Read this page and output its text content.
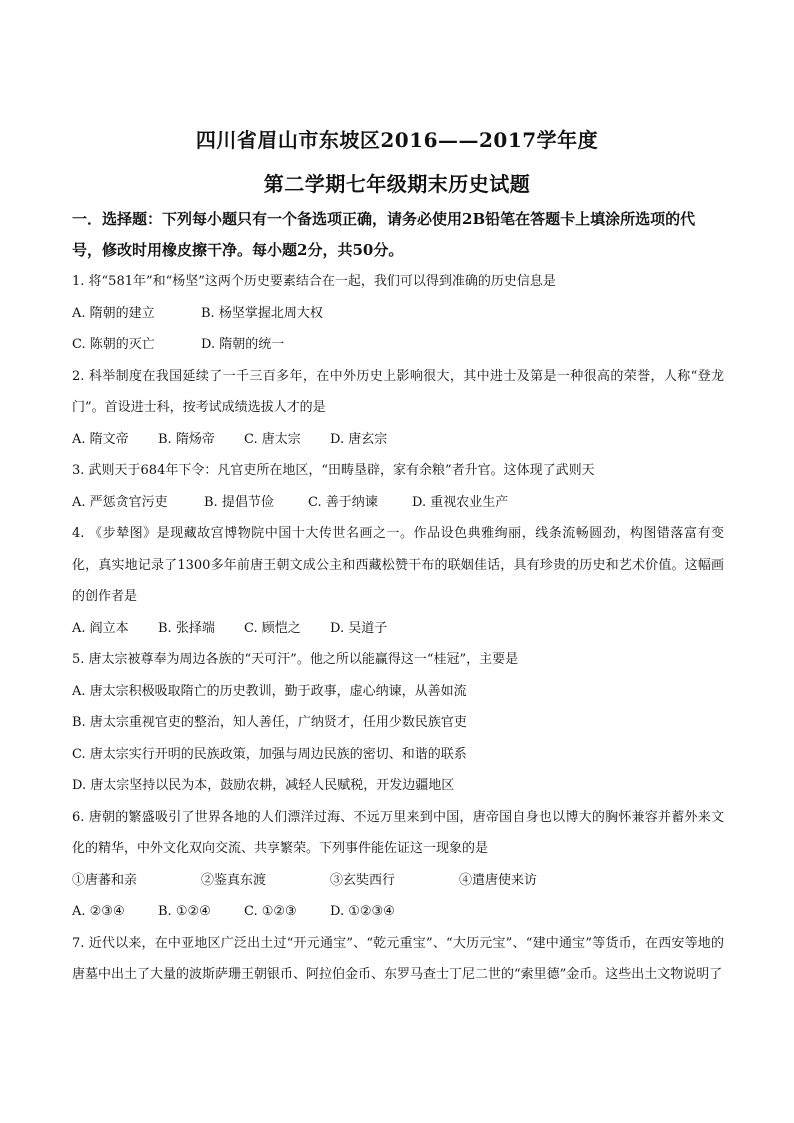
四川省眉山市东坡区2016——2017学年度
第二学期七年级期末历史试题

一．选择题：下列每小题只有一个备选项正确，请务必使用2B铅笔在答题卡上填涂所选项的代号，修改时用橡皮擦干净。每小题2分，共50分。

1. 将“581年”和“杨坚”这两个历史要素结合在一起，我们可以得到准确的历史信息是

A. 隋朝的建立	B. 杨坚掌握北周大权
C. 陈朝的灭亡	D. 隋朝的统一

2. 科举制度在我国延续了一千三百多年，在中外历史上影响很大，其中进士及第是一种很高的荣誉，人称“登龙门”。首设进士科，按考试成绩选拔人才的是

A. 隋文帝	B. 隋炀帝	C. 唐太宗	D. 唐玄宗

3. 武则天于684年下令：凡官吏所在地区，“田畴垦辟，家有余粮”者升官。这体现了武则天

A. 严惩贪官污吏	B. 提倡节俭	C. 善于纳谏	D. 重视农业生产

4. 《步辇图》是现藏故宫博物院中国十大传世名画之一。作品设色典雅绚丽，线条流畅圆劲，构图错落富有变化，真实地记录了1300多年前唐王朝文成公主和西藏松赞干布的联姻佳话，具有珍贵的历史和艺术价值。这幅画的创作者是

A. 阎立本	B. 张择端	C. 顾恺之	D. 吴道子

5. 唐太宗被尊奉为周边各族的“天可汗”。他之所以能赢得这一“桂冠”，主要是

A. 唐太宗积极吸取隋亡的历史教训，勤于政事，虚心纳谏，从善如流

B. 唐太宗重视官吏的整治，知人善任，广纳贤才，任用少数民族官吏

C. 唐太宗实行开明的民族政策，加强与周边民族的密切、和谐的联系

D. 唐太宗坚持以民为本，鼓励农耕，减轻人民赋税，开发边疆地区

6. 唐朝的繁盛吸引了世界各地的人们漂洋过海、不远万里来到中国，唐帝国自身也以博大的胸怀兼容并蓄外来文化的精华，中外文化双向交流、共享繁荣。下列事件能佐证这一现象的是

①唐蕃和亲	②鉴真东渡	③玄奘西行	④遣唐使来访
A. ②③④	B. ①②④	C. ①②③	D. ①②③④

7. 近代以来，在中亚地区广泛出土过“开元通宝”、“乾元重宝”、“大历元宝”、“建中通宝”等货币，在西安等地的唐墓中出土了大量的波斯萨珊王朝银币、阿拉伯金币、东罗马查士丁尼二世的“索里德”金币。这些出土文物说明了
